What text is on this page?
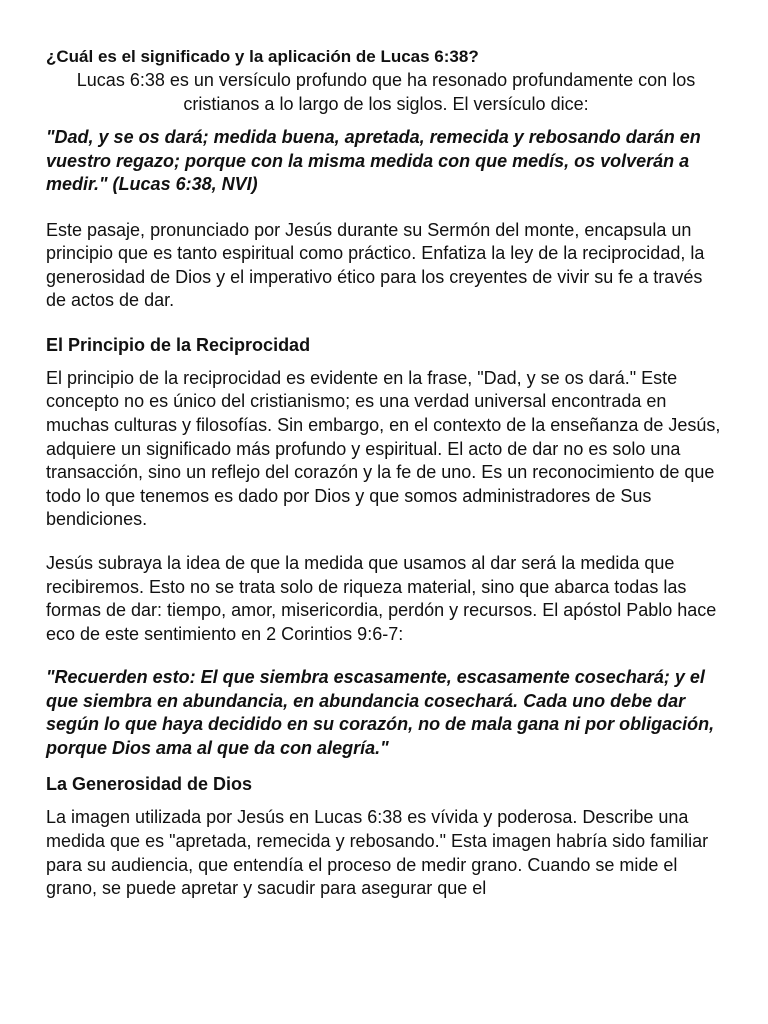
¿Cuál es el significado y la aplicación de Lucas 6:38?

Lucas 6:38 es un versículo profundo que ha resonado profundamente con los cristianos a lo largo de los siglos. El versículo dice:

"Dad, y se os dará; medida buena, apretada, remecida y rebosando darán en vuestro regazo; porque con la misma medida con que medís, os volverán a medir." (Lucas 6:38, NVI)

Este pasaje, pronunciado por Jesús durante su Sermón del monte, encapsula un principio que es tanto espiritual como práctico. Enfatiza la ley de la reciprocidad, la generosidad de Dios y el imperativo ético para los creyentes de vivir su fe a través de actos de dar.

El Principio de la Reciprocidad

El principio de la reciprocidad es evidente en la frase, "Dad, y se os dará." Este concepto no es único del cristianismo; es una verdad universal encontrada en muchas culturas y filosofías. Sin embargo, en el contexto de la enseñanza de Jesús, adquiere un significado más profundo y espiritual. El acto de dar no es solo una transacción, sino un reflejo del corazón y la fe de uno. Es un reconocimiento de que todo lo que tenemos es dado por Dios y que somos administradores de Sus bendiciones.

Jesús subraya la idea de que la medida que usamos al dar será la medida que recibiremos. Esto no se trata solo de riqueza material, sino que abarca todas las formas de dar: tiempo, amor, misericordia, perdón y recursos. El apóstol Pablo hace eco de este sentimiento en 2 Corintios 9:6-7:

"Recuerden esto: El que siembra escasamente, escasamente cosechará; y el que siembra en abundancia, en abundancia cosechará. Cada uno debe dar según lo que haya decidido en su corazón, no de mala gana ni por obligación, porque Dios ama al que da con alegría."

La Generosidad de Dios

La imagen utilizada por Jesús en Lucas 6:38 es vívida y poderosa. Describe una medida que es "apretada, remecida y rebosando." Esta imagen habría sido familiar para su audiencia, que entendía el proceso de medir grano. Cuando se mide el grano, se puede apretar y sacudir para asegurar que el
